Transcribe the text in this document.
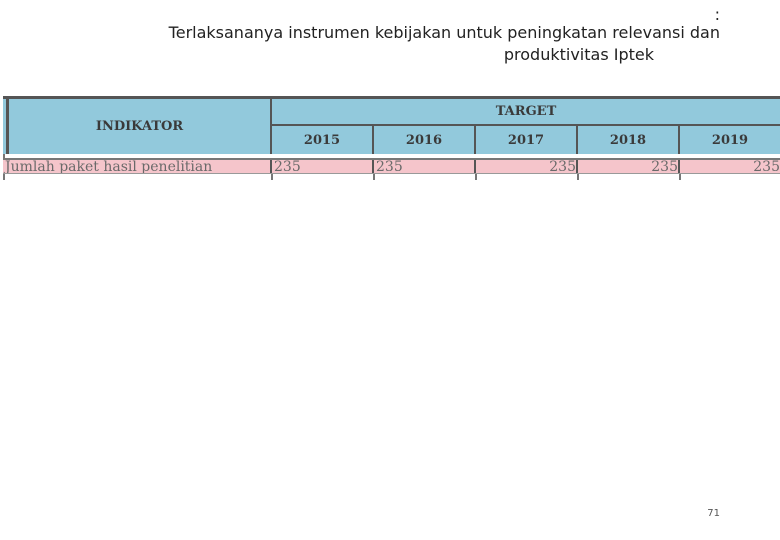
:
Terlaksananya instrumen kebijakan untuk peningkatan relevansi dan
produktivitas Iptek
INDIKATOR
TARGET
2015	2016	2017	2018	2019
Jumlah paket hasil penelitian	235	235	235	235	235
71
